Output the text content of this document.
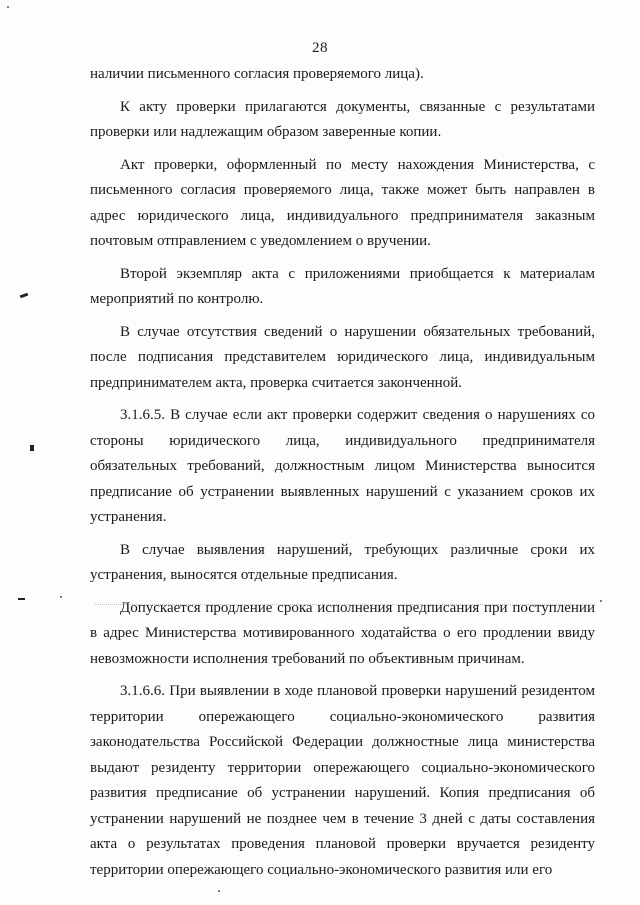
28

наличии письменного согласия проверяемого лица).

К акту проверки прилагаются документы, связанные с результатами проверки или надлежащим образом заверенные копии.

Акт проверки, оформленный по месту нахождения Министерства, с письменного согласия проверяемого лица, также может быть направлен в адрес юридического лица, индивидуального предпринимателя заказным почтовым отправлением с уведомлением о вручении.

Второй экземпляр акта с приложениями приобщается к материалам мероприятий по контролю.

В случае отсутствия сведений о нарушении обязательных требований, после подписания представителем юридического лица, индивидуальным предпринимателем акта, проверка считается законченной.

3.1.6.5. В случае если акт проверки содержит сведения о нарушениях со стороны юридического лица, индивидуального предпринимателя обязательных требований, должностным лицом Министерства выносится предписание об устранении выявленных нарушений с указанием сроков их устранения.

В случае выявления нарушений, требующих различные сроки их устранения, выносятся отдельные предписания.

Допускается продление срока исполнения предписания при поступлении в адрес Министерства мотивированного ходатайства о его продлении ввиду невозможности исполнения требований по объективным причинам.

3.1.6.6. При выявлении в ходе плановой проверки нарушений резидентом территории опережающего социально-экономического развития законодательства Российской Федерации должностные лица министерства выдают резиденту территории опережающего социально-экономического развития предписание об устранении нарушений. Копия предписания об устранении нарушений не позднее чем в течение 3 дней с даты составления акта о результатах проведения плановой проверки вручается резиденту территории опережающего социально-экономического развития или его
